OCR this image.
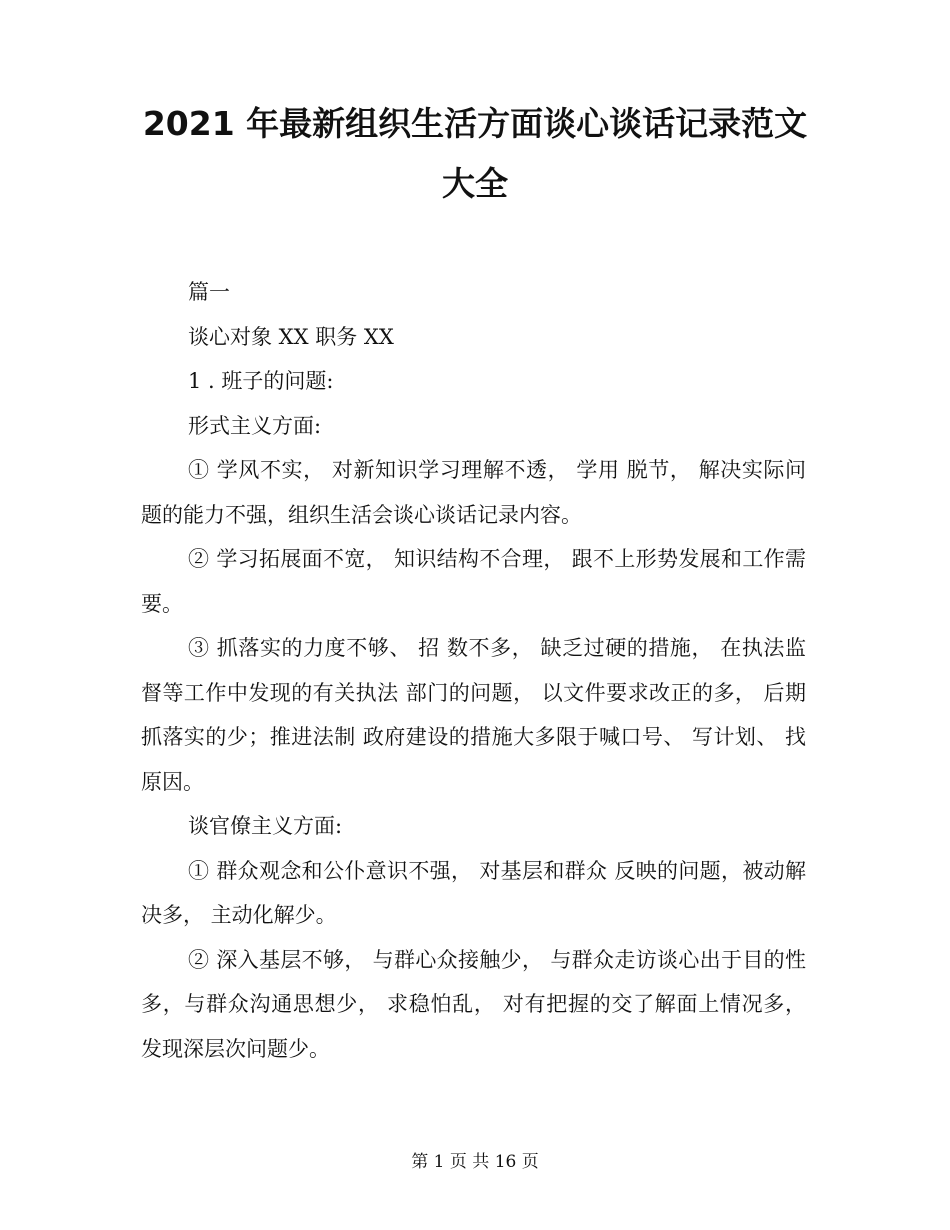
2021 年最新组织生活方面谈心谈话记录范文
大全

篇一

谈心对象 XX 职务 XX

1 . 班子的问题:

形式主义方面:

① 学风不实， 对新知识学习理解不透， 学用 脱节， 解决实际问题的能力不强，组织生活会谈心谈话记录内容。

② 学习拓展面不宽， 知识结构不合理， 跟不上形势发展和工作需要。

③ 抓落实的力度不够、 招 数不多， 缺乏过硬的措施， 在执法监督等工作中发现的有关执法 部门的问题， 以文件要求改正的多， 后期抓落实的少；推进法制 政府建设的措施大多限于喊口号、 写计划、 找原因。

谈官僚主义方面:

① 群众观念和公仆意识不强， 对基层和群众 反映的问题，被动解决多， 主动化解少。

② 深入基层不够， 与群心众接触少， 与群众走访谈心出于目的性多，与群众沟通思想少， 求稳怕乱， 对有把握的交了解面上情况多， 发现深层次问题少。

第 1 页 共 16 页
